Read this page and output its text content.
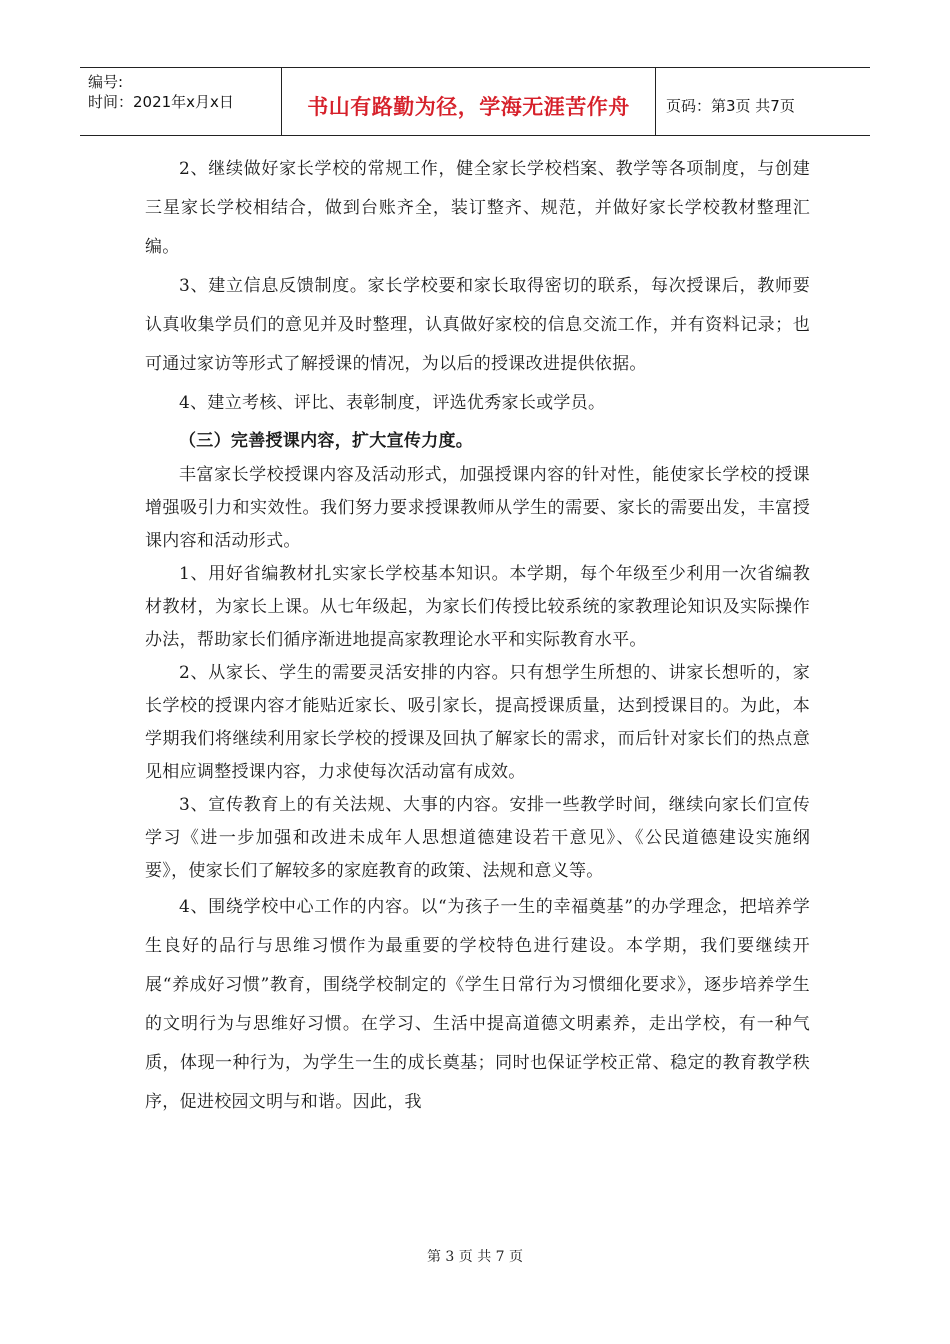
编号:
时间：2021年x月x日	书山有路勤为径，学海无涯苦作舟 页码：第3页 共7页

2、继续做好家长学校的常规工作，健全家长学校档案、教学等各项制度，与创建三星家长学校相结合，做到台账齐全，装订整齐、规范，并做好家长学校教材整理汇编。

3、建立信息反馈制度。家长学校要和家长取得密切的联系，每次授课后，教师要认真收集学员们的意见并及时整理，认真做好家校的信息交流工作，并有资料记录；也可通过家访等形式了解授课的情况，为以后的授课改进提供依据。

4、建立考核、评比、表彰制度，评选优秀家长或学员。

（三）完善授课内容，扩大宣传力度。

丰富家长学校授课内容及活动形式，加强授课内容的针对性，能使家长学校的授课增强吸引力和实效性。我们努力要求授课教师从学生的需要、家长的需要出发，丰富授课内容和活动形式。

1、用好省编教材扎实家长学校基本知识。本学期，每个年级至少利用一次省编教材教材，为家长上课。从七年级起，为家长们传授比较系统的家教理论知识及实际操作办法，帮助家长们循序渐进地提高家教理论水平和实际教育水平。

2、从家长、学生的需要灵活安排的内容。只有想学生所想的、讲家长想听的，家长学校的授课内容才能贴近家长、吸引家长，提高授课质量，达到授课目的。为此，本学期我们将继续利用家长学校的授课及回执了解家长的需求，而后针对家长们的热点意见相应调整授课内容，力求使每次活动富有成效。

3、宣传教育上的有关法规、大事的内容。安排一些教学时间，继续向家长们宣传学习《进一步加强和改进未成年人思想道德建设若干意见》、《公民道德建设实施纲要》，使家长们了解较多的家庭教育的政策、法规和意义等。

4、围绕学校中心工作的内容。以“为孩子一生的幸福奠基”的办学理念，把培养学生良好的品行与思维习惯作为最重要的学校特色进行建设。本学期，我们要继续开展“养成好习惯”教育，围绕学校制定的《学生日常行为习惯细化要求》，逐步培养学生的文明行为与思维好习惯。在学习、生活中提高道德文明素养，走出学校，有一种气质，体现一种行为，为学生一生的成长奠基；同时也保证学校正常、稳定的教育教学秩序，促进校园文明与和谐。因此，我

第 3 页 共 7 页
